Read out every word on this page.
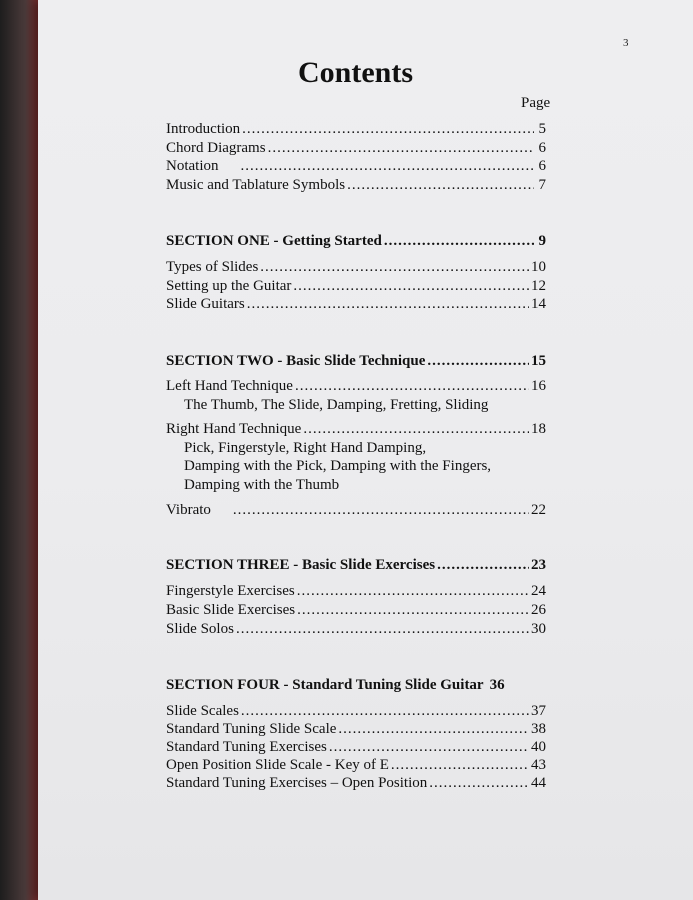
3
Contents
Page
Introduction .....	5
Chord Diagrams .....	6
Notation .....	6
Music and Tablature Symbols .....	7
SECTION ONE - Getting Started .....	9
Types of Slides .....	10
Setting up the Guitar .....	12
Slide Guitars .....	14
SECTION TWO - Basic Slide Technique .....	15
Left Hand Technique .....	16
The Thumb, The Slide, Damping, Fretting, Sliding
Right Hand Technique .....	18
Pick, Fingerstyle, Right Hand Damping,
Damping with the Pick, Damping with the Fingers,
Damping with the Thumb
Vibrato .....	22
SECTION THREE - Basic Slide Exercises .....	23
Fingerstyle Exercises .....	24
Basic Slide Exercises .....	26
Slide Solos .....	30
SECTION FOUR - Standard Tuning Slide Guitar 36
Slide Scales .....	37
Standard Tuning Slide Scale .....	38
Standard Tuning Exercises .....	40
Open Position Slide Scale - Key of E .....	43
Standard Tuning Exercises – Open Position .....	44
